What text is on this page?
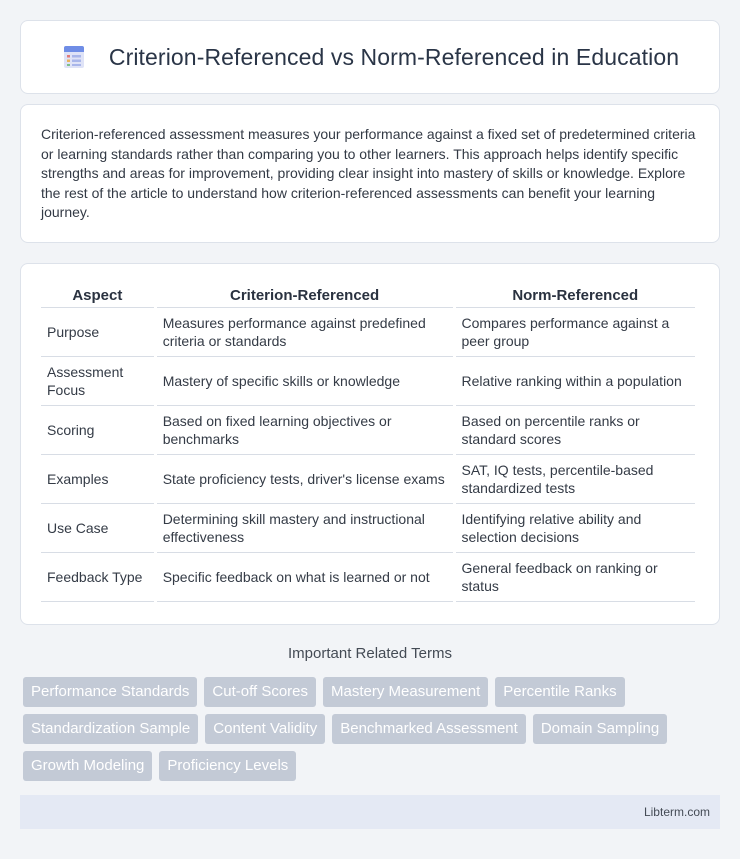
Criterion-Referenced vs Norm-Referenced in Education

Criterion-referenced assessment measures your performance against a fixed set of predetermined criteria or learning standards rather than comparing you to other learners. This approach helps identify specific strengths and areas for improvement, providing clear insight into mastery of skills or knowledge. Explore the rest of the article to understand how criterion-referenced assessments can benefit your learning journey.

Aspect	Criterion-Referenced	Norm-Referenced
Purpose	Measures performance against predefined criteria or standards	Compares performance against a peer group
Assessment Focus	Mastery of specific skills or knowledge	Relative ranking within a population
Scoring	Based on fixed learning objectives or benchmarks	Based on percentile ranks or standard scores
Examples	State proficiency tests, driver's license exams	SAT, IQ tests, percentile-based standardized tests
Use Case	Determining skill mastery and instructional effectiveness	Identifying relative ability and selection decisions
Feedback Type	Specific feedback on what is learned or not	General feedback on ranking or status
Important Related Terms
Performance Standards	Cut-off Scores	Mastery Measurement	Percentile Ranks
Standardization Sample	Content Validity	Benchmarked Assessment	Domain Sampling
Growth Modeling	Proficiency Levels
Libterm.com
